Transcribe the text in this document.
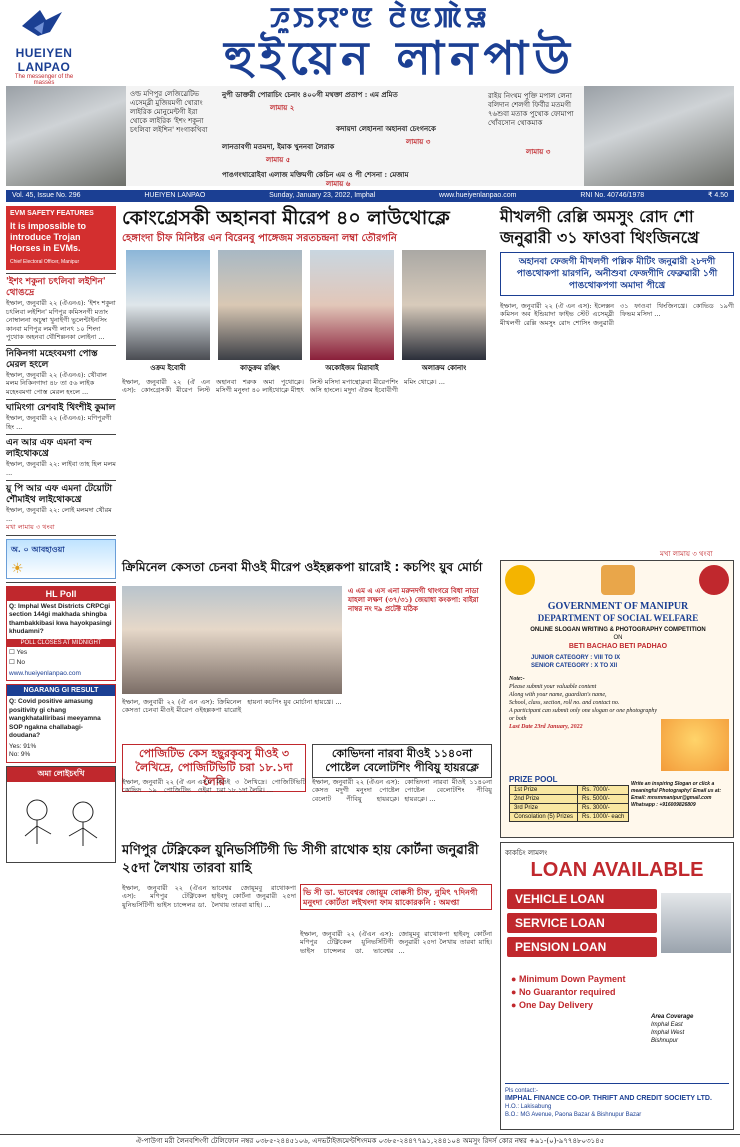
HUEIYEN LANPAO
The messenger of the masses
ꯍꯨꯏꯌꯦꯟ ꯂꯥꯟꯄꯥꯎ
হুইয়েন লানপাউ
ওল্ড মণিপুর লেজিস্লেটিভ এসেম্ব্লী মুজিয়মগী থোরাং লাইরিক মোনুমেন্টগী ইরা থোকে লাইরিক 'ইশং শকুনা চৎলিবা লইশিন' শংগাকখিবা
নুপী ডাক্তরী পোরাচিং চেনাং ৪০০গী মথক্তা প্রতাপ : এম প্রমিত
লামায় ২
কদায়দা লেহাননা অহানবা চেংগনকে
লামায় ৩
লানতাবগী মতমদা, ইমাক খুননবা লৈরাক
লামায় ৫
পাঙগংখারোইবা এলাজ মক্তিমগী কেচিন এম ও পী শেসনা : মেজাম
লামায় ৬
রাইয় নিংথম পুক্তি মপাল লেনা বলিদান শেলগী ফির্বীর মতমগী ৭৬শুবা মতাক পুথোক ফোমাপা খোঁবসোন থোকমাক
লামায় ৩
Vol. 45, Issue No. 296	HUEIYEN LANPAO	Sunday, January 23, 2022, Imphal	www.hueiyenlanpao.com	RNI No. 40746/1978	₹ 4.50
EVM SAFETY FEATURES
It is impossible to introduce Trojan Horses in EVMs.
Chief Electoral Officer, Manipur
'ইশং শকুনা চৎলিবা লইশিন' থোঙদ্রে
ইম্ফাল, জনুবারী ২২ (ঐএনএ): 'ইশং শকুনা চৎলিবা লইশিন' মণিপুর কমিসনগী মতাং নোম্বালনা অচুম্বা খুনাইগী ভুলেন্টাইনসিং কানবা মণিপুর লমগী লানৎ ১০ শিংদা পুথোক অহনবা থৌশিল্লনকা লোইনা ...
নিকিনগা মহেংবমগা পোস্ত মেরল হংলে
ইম্ফাল, জনুবারী ২২ (ঐএনএ): থৌবাল মলম নিকিনগাদা ৪৮ তা ৫৬ লাইক মহেংবমগা পোস্ত মেরল হংলে ...
ঘামিংগা রেশবাই থিংশীই কুমাল
ইম্ফাল, জনুবারী ২২ (ঐএনএ): মণিপুরগী হিং ...
এন আর এফ এমনা বন্দ লাইথোকখ্রে
ইম্ফাল, জনুবারী ২২: লাইবা তাহ হিল মলম ...
য়ু পি আর এফ এমনা টেয়োটা শৌমাইথ লাইথোকখ্রে
ইম্ফাল, জনুবারী ২২: লোই মলমদা থৌরম ...
মখা লামায় ৩ থংবা
অ. ০ আবহাওয়া
☀
HL Poll
Q: Imphal West Districts CRPCgi section 144gi makhada shingba thambakkibasi kwa hayokpasingi khudamni?
POLL CLOSES AT MIDNIGHT
☐ Yes
☐ No
www.hueiyenlanpao.com
NGARANG GI RESULT
Q: Covid positive amasung positivity gi chang wangkhatalliribasi meeyamna SOP ngakna challabagi-doudana?
Yes: 91%
No: 9%
অমা লোইচংখি
কোংগ্রেসকী অহানবা মীরেপ ৪০ লাউথোক্লে
হেঙ্গাংদা চীফ মিনিষ্টর এন বিরেনবু পাঙ্গেজম সরতচন্দ্রনা লম্বা তৌরগনি
ওক্রম ইবোবী	কাড়ুক্রম রঞ্জিৎ	অকোইজম মিরাবাই	অলাক্রম কোনাং
ইম্ফাল, জনুবারী ২২ (ঐ এন এস): কোংগ্রেসকী মীরেপ লিস্ট অহানবা শরুক অমা পুথোক্লে। মসিগী মনুংদা ৪০ লাইথোক্লে মীহুৎ লিস্ট মসিদা মপান্থোক্লবা মীরেপশিং অসি হাংলে। মদুদা ঐক্রম ইবোবীগী মমিং থোক্লে। ...
মীখলগী রেল্লি অমসুং রোদ শো জনুৱারী ৩১ ফাওবা থিংজিনখ্রে
অহানবা ফেজগী মীখলগী পল্লিক মীটিং জনুৱারী ২৮দগী পাঙথোকপা য়ারগনি, অনীশুবা ফেজগীদি ফেব্রুৱারী ১গী পাঙথোকপগা অমাদা পীখ্রে
ইম্ফাল, জনুবারী ২২ (ঐ এন এস): ইলেক্সন কমিসন অব ইন্ডিয়াদা ফাইভ স্টেট এসেম্ব্লী মীখলগী রেল্লি অমসুং রোদ শোসিং জনুৱারী ৩১ ফাওবা থিংজিনখ্রে। কোভিড ১৯গী ফিভম মসিদা ...
মখা লামায় ৩ থংবা
ক্রিমিনেল কেসতা চেনবা মীওই মীরেপ ওইহল্লকপা য়ারোই : কচপিং য়ুব মোর্চা
এ এম এ এস এনা মরুনদগী থাংগরে বিধা নাডা যাহলা লক্ষণ (৩৭/৩১) জেয়াধা কংকপা: বাইরা নাম্বর নং দ৯ প্রটেক্ট মঠিক
ইম্ফাল, জনুবারী ২২ (ঐ এন এস): ক্রিমিনেল কেসতা চেনবা মীওই মীরেপ ওইহল্লকপা য়ারোই হায়না কচপিং য়ুব মোর্চানা হায়খ্রে। ...
পোজিটিভ কেস হছুরকৃবসু মীওই ৩ লৈখিদ্রে, পোজিটিভিটি চরা ১৮.১দা লৈরি
ইম্ফাল, জনুবারী ২২ (ঐ এন এস): কোভিদ ১৯ পোজিটিভ ওইবা মীওই ৩ লৈখিদ্রে। পোজিটিভিটি চরা ১৮.১দা লৈরি। ...
কোভিদনা নারবা মীওই ১১৪০না পোষ্টেল বেলোটশিং পীবিয়ু হায়রক্লে
ইম্ফাল, জনুবারী ২২ (ঐএন এস): কেসত মদুগী মনুংদা পোষ্টেল বেলোট পীবিয়ু হায়রক্লে। কোভিদনা নারবা মীওই ১১৪০না পোষ্টেল বেলোটশিং পীবিয়ু হায়রক্লে। ...
GOVERNMENT OF MANIPUR
DEPARTMENT OF SOCIAL WELFARE
ONLINE SLOGAN WRITING & PHOTOGRAPHY COMPETITION
ON
BETI BACHAO BETI PADHAO
JUNIOR CATEGORY : VIII TO IX
SENIOR CATEGORY : X TO XII
Note:-
Please submit your valuable content
Along with your name, guardian's name,
School, class, section, roll no. and contact no.
A participant can submit only one slogan or one photography or both
Last Date 23rd January, 2022
PRIZE POOL
1st Prize	Rs. 7000/-
2nd Prize	Rs. 5000/-
3rd Prize	Rs. 3000/-
Consolation (5) Prizes	Rs. 1000/- each
Write an inspiring Slogan or click a meaningful Photography! Email us at:
Email: mnsmmanipur@gmail.com
Whatsapp : +916009826809
মণিপুর টেক্নিকেল য়ুনিভর্সিটিগী ভি সীগী রাথোক হায় কোর্টনা জনুৱারী ২৫দা লৈখায় তারবা য়াহি
ভি সী ডা. ভাবেশ্বর জোয়ূম বোক্কসী চীফ, নুমিৎ ৭দিনগী মনুংদা কোর্টতা লইখংদা ফাম য়াকোরকনি : অমপ্তা
ইম্ফাল, জনুবারী ২২ (ঐএন এস): মণিপুর টেক্নিকেল য়ুনিভর্সিটিগী ভাইস চান্সেলর ডা. ভাবেশ্বর জোয়ূমবু রাথোকপা হাইবদু কোর্টনা জনুৱারী ২৫দা লৈখায় তারবা য়াহি। ...
ইম্ফাল, জনুবারী ২২ (ঐএন এস): মণিপুর টেক্নিকেল য়ুনিভর্সিটিগী ভাইস চান্সেলর ডা. ভাবেশ্বর জোয়ূমবু রাথোকপা হাইবদু কোর্টনা জনুৱারী ২৫দা লৈখায় তারবা য়াহি। ...
কাকচিং লামলং
LOAN AVAILABLE
VEHICLE LOAN
SERVICE LOAN
PENSION LOAN
● Minimum Down Payment
● No Guarantor required
● One Day Delivery
Area Coverage
Imphal East
Imphal West
Bishnupur
Pls contact:-
IMPHAL FINANCE CO-OP. THRIFT AND CREDIT SOCIETY LTD.
H.O.: Lakisabung
B.O.: MG Avenue, Paona Bazar & Bishnupur Bazar
ঐ-পাউগা মরী লৈনবশিংগী টেলিফোন নম্বর ০৩৮৫-২৪৪৫১০৬, এদভর্টাইজমেণ্টশিংদমক ০৩৮৫-২৪৪৭৭৯১,২৪৪১০৪ অমসুং রিদর্স কোর নম্বর +৯১-(০)-৯৭৭৪৮০৩১৪৫
